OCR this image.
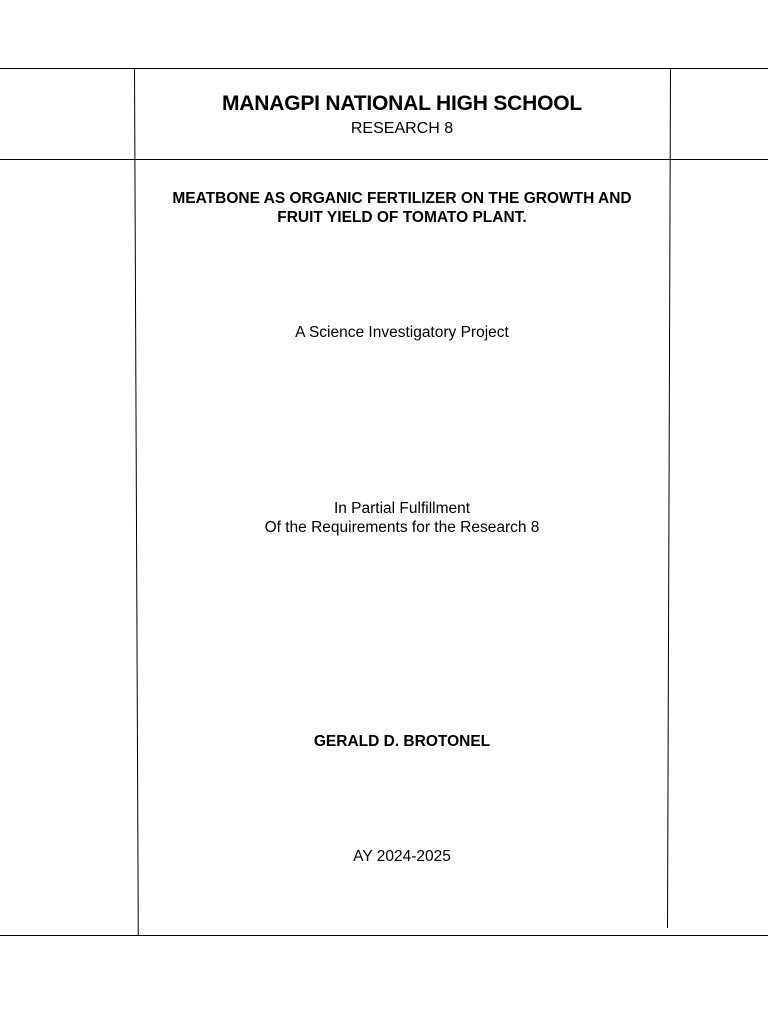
MANAGPI NATIONAL HIGH SCHOOL
RESEARCH 8
MEATBONE AS ORGANIC FERTILIZER ON THE GROWTH AND FRUIT YIELD OF TOMATO PLANT.
A Science Investigatory Project
In Partial Fulfillment
Of the Requirements for the Research 8
GERALD D. BROTONEL
AY 2024-2025
